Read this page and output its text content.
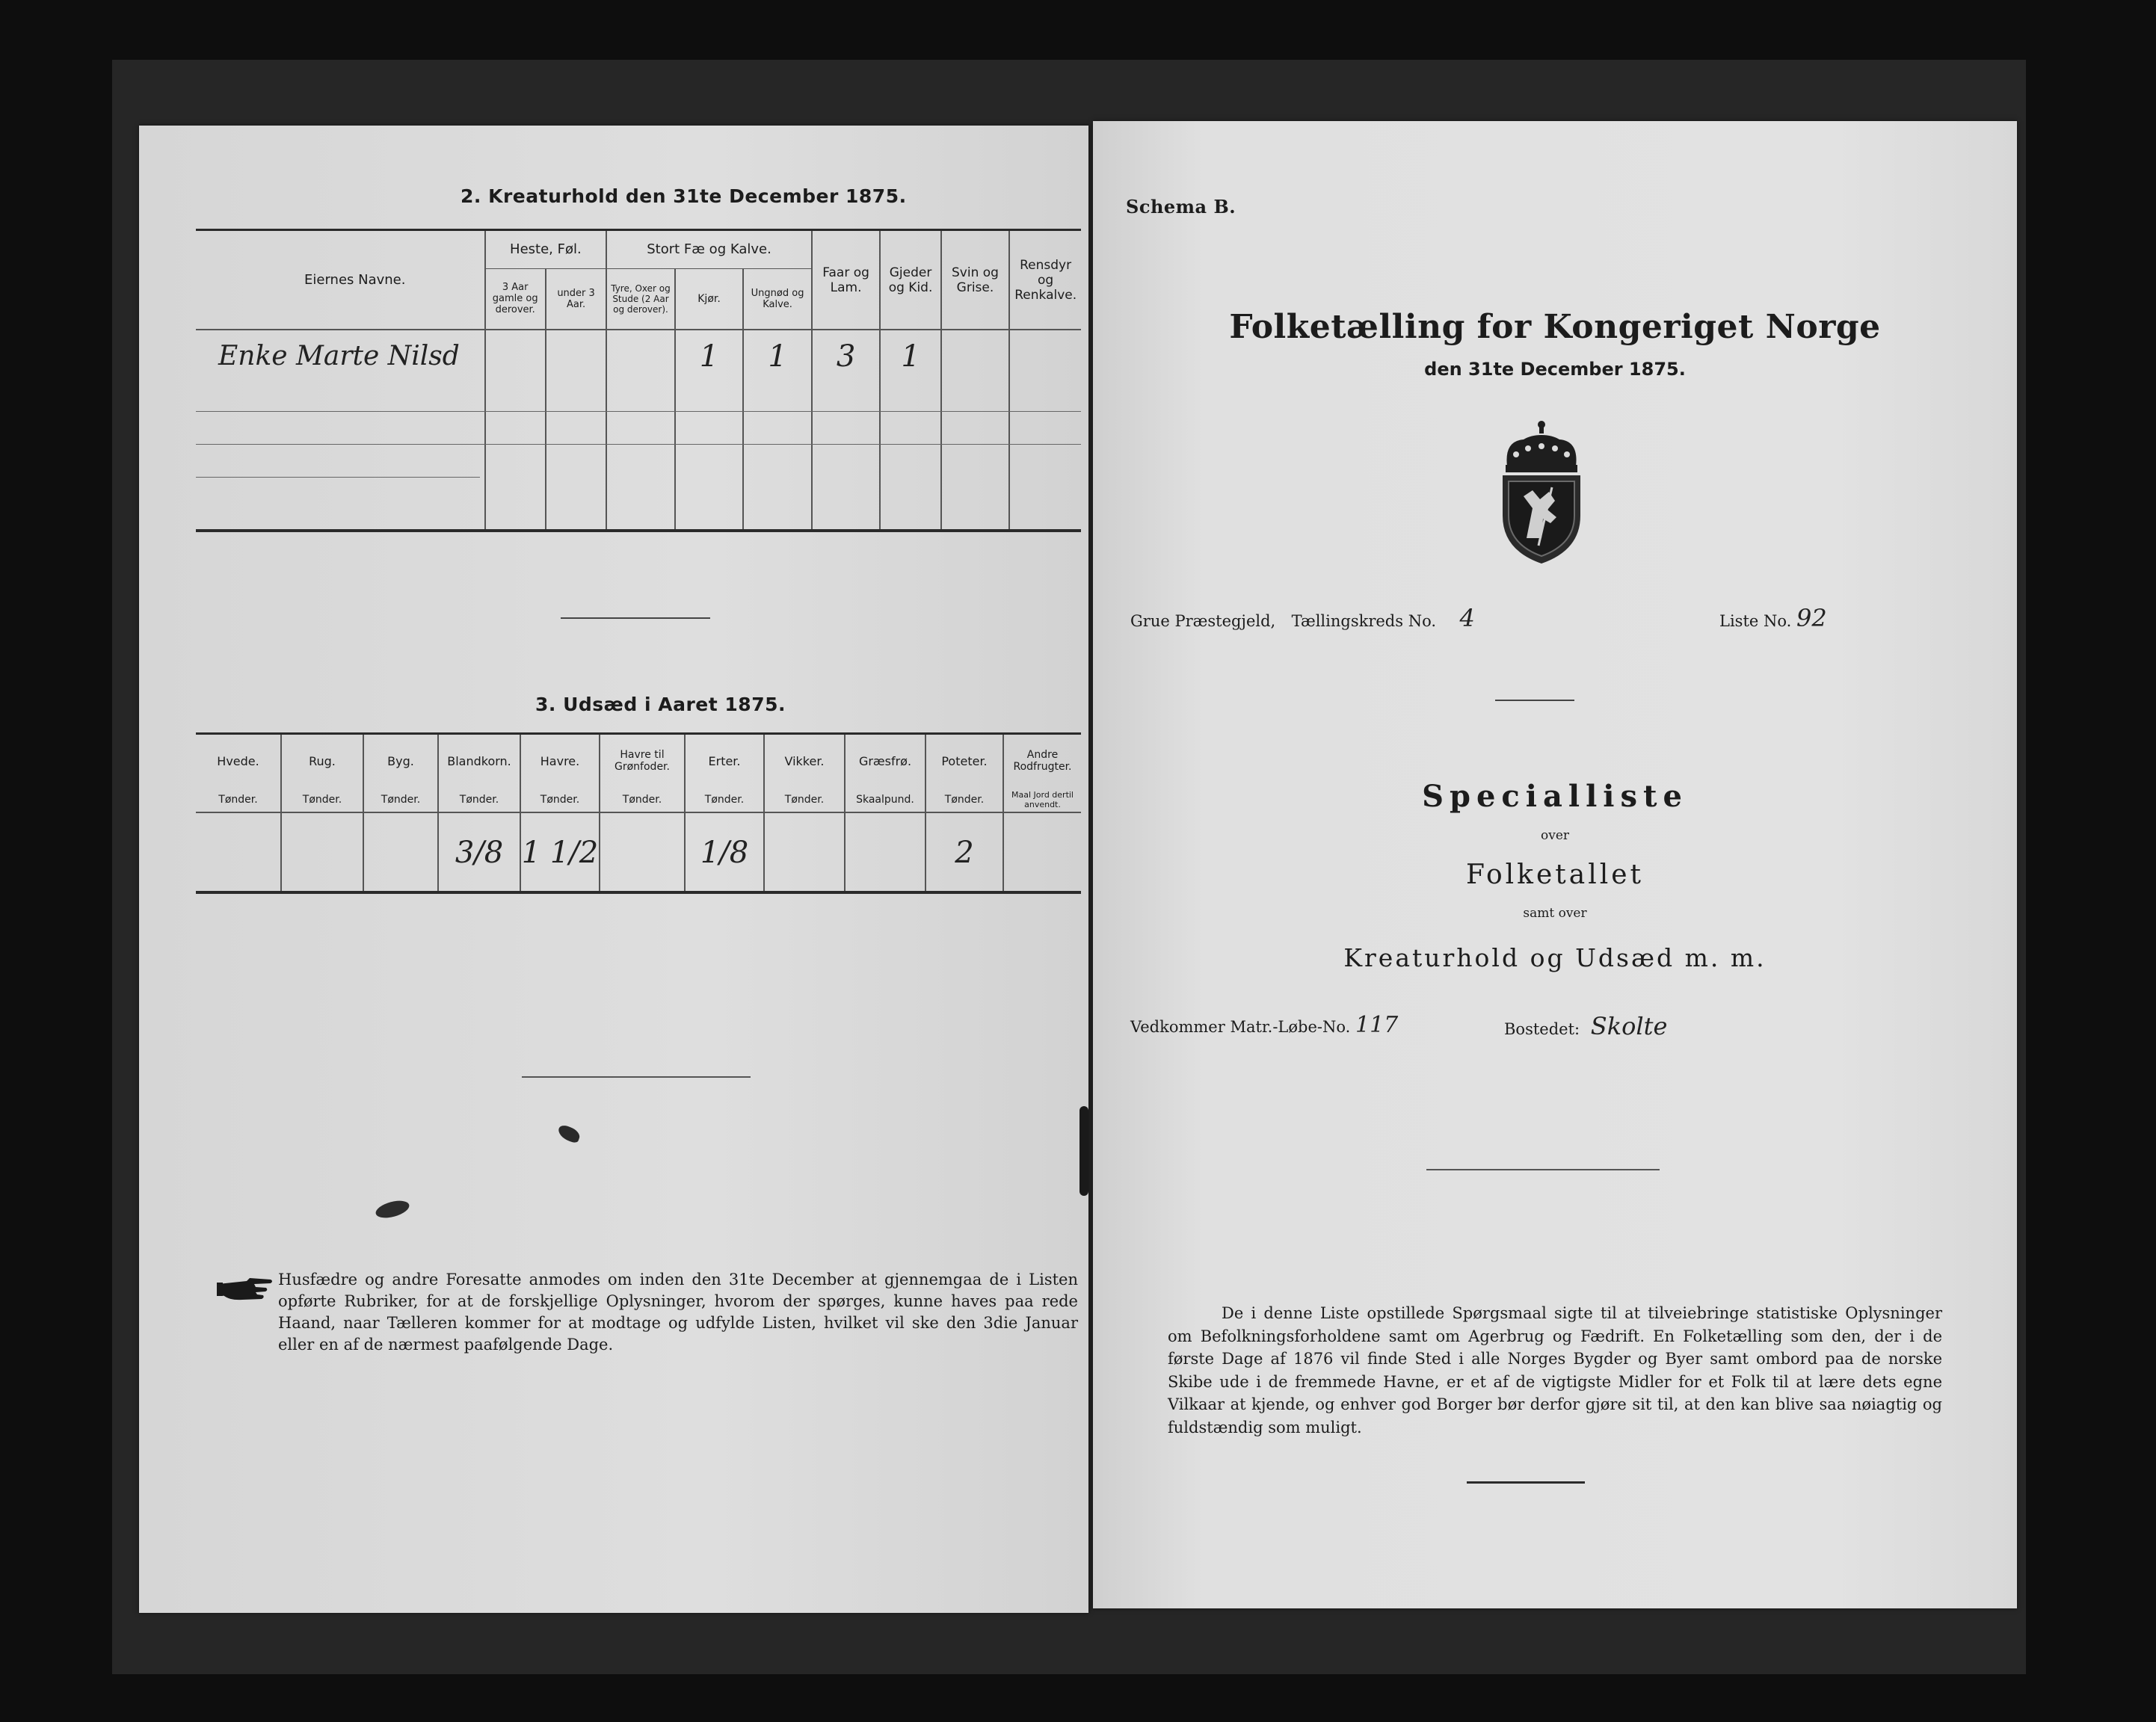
2. Kreaturhold den 31te December 1875.
Eiernes Navne.	Heste, Føl.		Stort Fæ og Kalve.			Faar og Lam.	Gjeder og Kid.	Svin og Grise.	Rensdyr og Renkalve.
	3 Aar gamle og derover.	under 3 Aar.	Tyre, Oxer og Stude (2 Aar og derover).	Kjør.	Ungnød og Kalve.				
Enke Marte Nilsd				1	1	3	1		

3. Udsæd i Aaret 1875.
Hvede.	Rug.	Byg.	Blandkorn.	Havre.	Havre til Grønfoder.	Erter.	Vikker.	Græsfrø.	Poteter.	Andre Rodfrugter.
Tønder.	Tønder.	Tønder.	Tønder.	Tønder.	Tønder.	Tønder.	Tønder.	Skaalpund.	Tønder.	Maal Jord dertil anvendt.
			3/8	1 1/2		1/8			2	
Husfædre og andre Foresatte anmodes om inden den 31te December at gjennemgaa de i Listen opførte Rubriker, for at de forskjellige Oplysninger, hvorom der spørges, kunne haves paa rede Haand, naar Tælleren kommer for at modtage og udfylde Listen, hvilket vil ske den 3die Januar eller en af de nærmest paafølgende Dage.
Schema B.
Folketælling for Kongeriget Norge
den 31te December 1875.
Grue Præstegjeld, Tællingskreds No. 4	Liste No. 92
Specialliste
over
Folketallet
samt over
Kreaturhold og Udsæd m. m.
Vedkommer Matr.-Løbe-No. 117	Bostedet: Skolte
De i denne Liste opstillede Spørgsmaal sigte til at tilveiebringe statistiske Oplysninger om Befolkningsforholdene samt om Agerbrug og Fædrift. En Folketælling som den, der i de første Dage af 1876 vil finde Sted i alle Norges Bygder og Byer samt ombord paa de norske Skibe ude i de fremmede Havne, er et af de vigtigste Midler for et Folk til at lære dets egne Vilkaar at kjende, og enhver god Borger bør derfor gjøre sit til, at den kan blive saa nøiagtig og fuldstændig som muligt.
